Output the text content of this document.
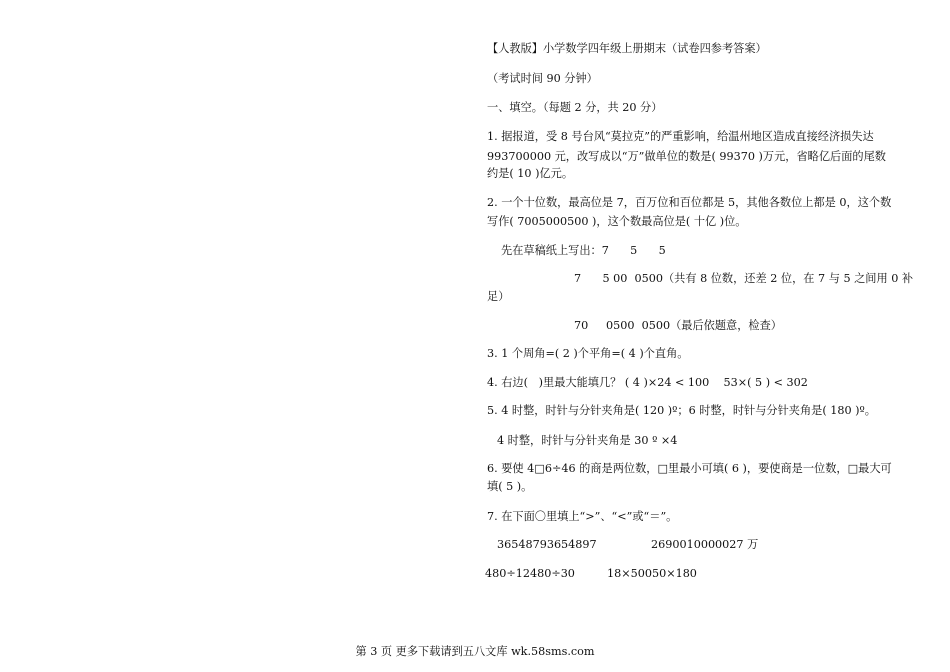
【人教版】小学数学四年级上册期末（试卷四参考答案）
（考试时间 90 分钟）
一、填空。（每题 2 分，共 20 分）
1. 据报道，受 8 号台风“莫拉克”的严重影响，给温州地区造成直接经济损失达
993700000 元，改写成以“万”做单位的数是( 99370 )万元，省略亿后面的尾数
约是( 10 )亿元。
2. 一个十位数，最高位是 7，百万位和百位都是 5，其他各数位上都是 0，这个数
写作( 7005000500 )，这个数最高位是( 十亿 )位。
先在草稿纸上写出：7      5      5
7      5 00  0500（共有 8 位数，还差 2 位，在 7 与 5 之间用 0 补
足）
70     0500  0500（最后依题意，检查）
3. 1 个周角=( 2 )个平角=( 4 )个直角。
4. 右边(   )里最大能填几？ ( 4 )×24 < 100    53×( 5 ) < 302
5. 4 时整，时针与分针夹角是( 120 )º；6 时整，时针与分针夹角是( 180 )º。
4 时整，时针与分针夹角是 30 º ×4
6. 要使 4□6÷46 的商是两位数，□里最小可填( 6 )，要使商是一位数，□最大可
填( 5 )。
7. 在下面〇里填上“>”、“<”或“＝”。
36548793654897	2690010000027 万
480÷12480÷30	18×50050×180
第 3 页 更多下载请到五八文库 wk.58sms.com
